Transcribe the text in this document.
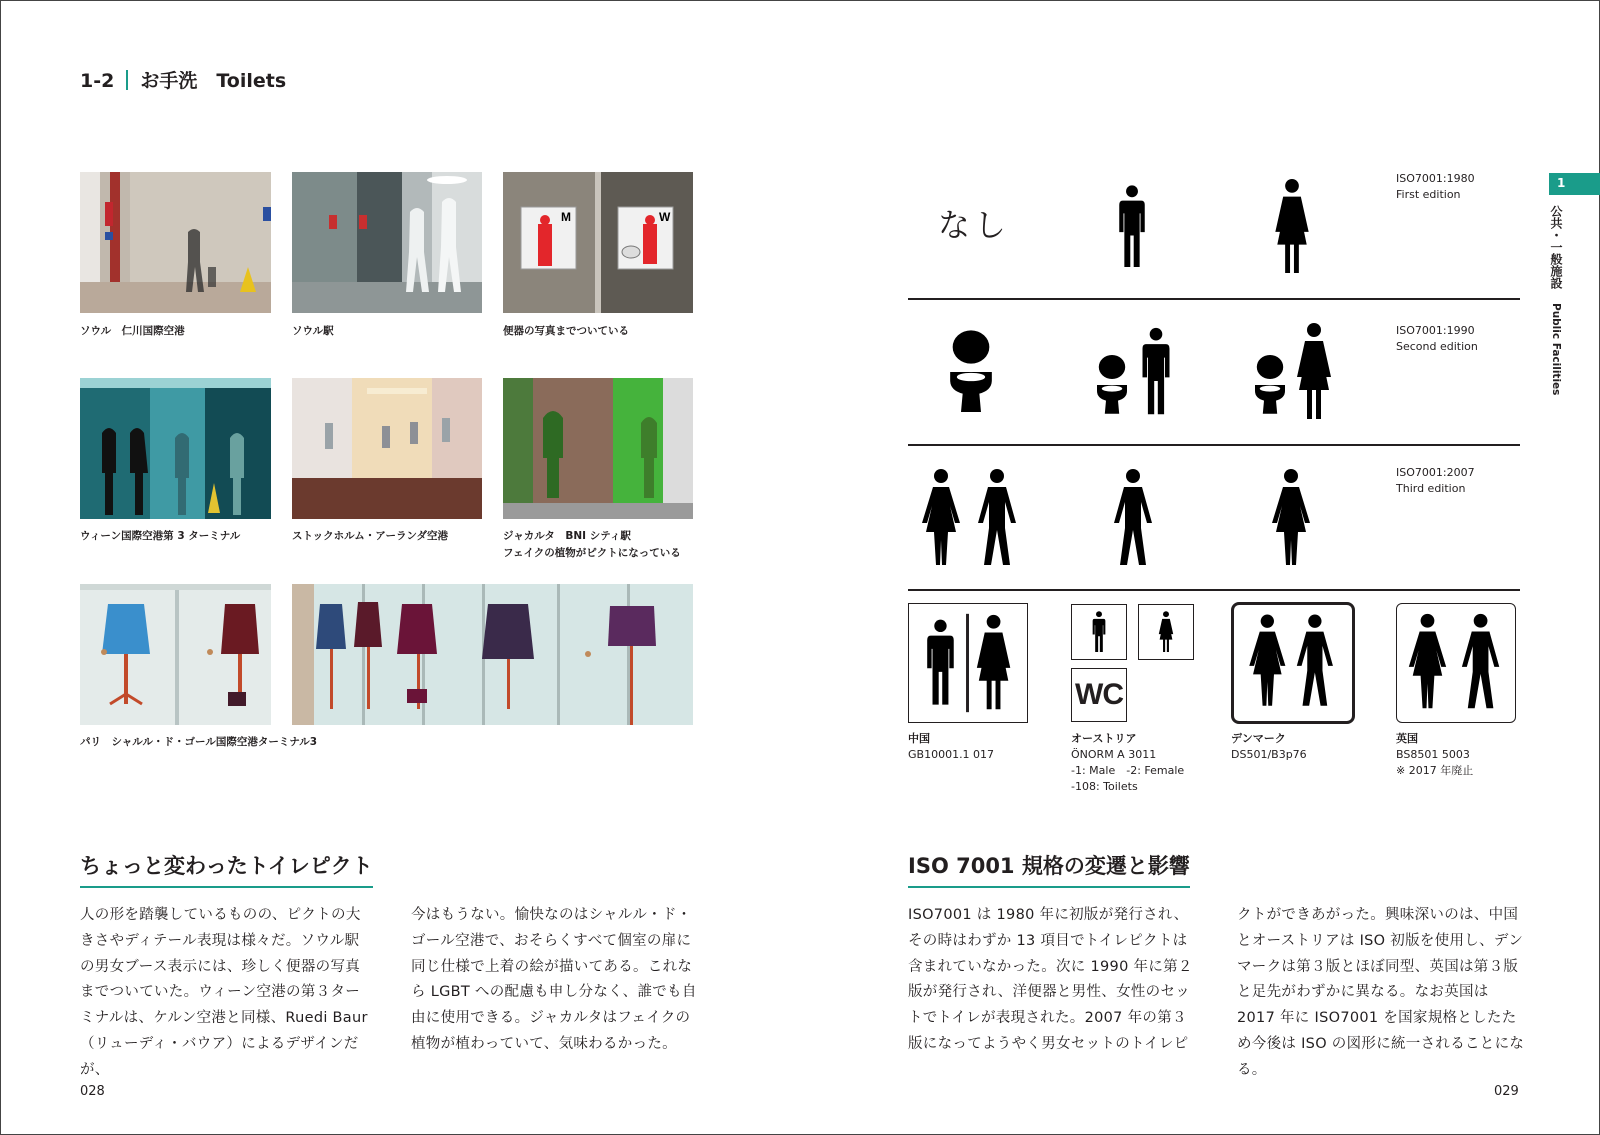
1-2 お手洗　 Toilets
M	W
ソウル　仁川国際空港	ソウル駅	便器の写真までついている
ウィーン国際空港第 3 ターミナル	ストックホルム・アーランダ空港	ジャカルタ　BNI シティ駅
フェイクの植物がピクトになっている
パリ　シャルル・ド・ゴール国際空港ターミナル3
ちょっと変わったトイレピクト
人の形を踏襲しているものの、ピクトの大きさやディテール表現は様々だ。ソウル駅の男女ブース表示には、珍しく便器の写真までついていた。ウィーン空港の第３ターミナルは、ケルン空港と同様、Ruedi Baur（リューディ・バウア）によるデザインだが、
今はもうない。愉快なのはシャルル・ド・ゴール空港で、おそらくすべて個室の扉に同じ仕様で上着の絵が描いてある。これなら LGBT への配慮も申し分なく、誰でも自由に使用できる。ジャカルタはフェイクの植物が植わっていて、気味わるかった。
なし
ISO7001:1980
First edition
ISO7001:1990
Second edition
ISO7001:2007
Third edition
WC
中国
GB10001.1 017
オーストリア
ÖNORM A 3011
-1: Male　-2: Female
-108: Toilets
デンマーク
DS501/B3p76
英国
BS8501 5003
※ 2017 年廃止
ISO 7001 規格の変遷と影響
ISO7001 は 1980 年に初版が発行され、その時はわずか 13 項目でトイレピクトは含まれていなかった。次に 1990 年に第２版が発行され、洋便器と男性、女性のセットでトイレが表現された。2007 年の第３版になってようやく男女セットのトイレピ
クトができあがった。興味深いのは、中国とオーストリアは ISO 初版を使用し、デンマークは第３版とほぼ同型、英国は第３版と足先がわずかに異なる。なお英国は 2017 年に ISO7001 を国家規格としたため今後は ISO の図形に統一されることになる。
1
公共・一般施設 Public Facilities
028	029
